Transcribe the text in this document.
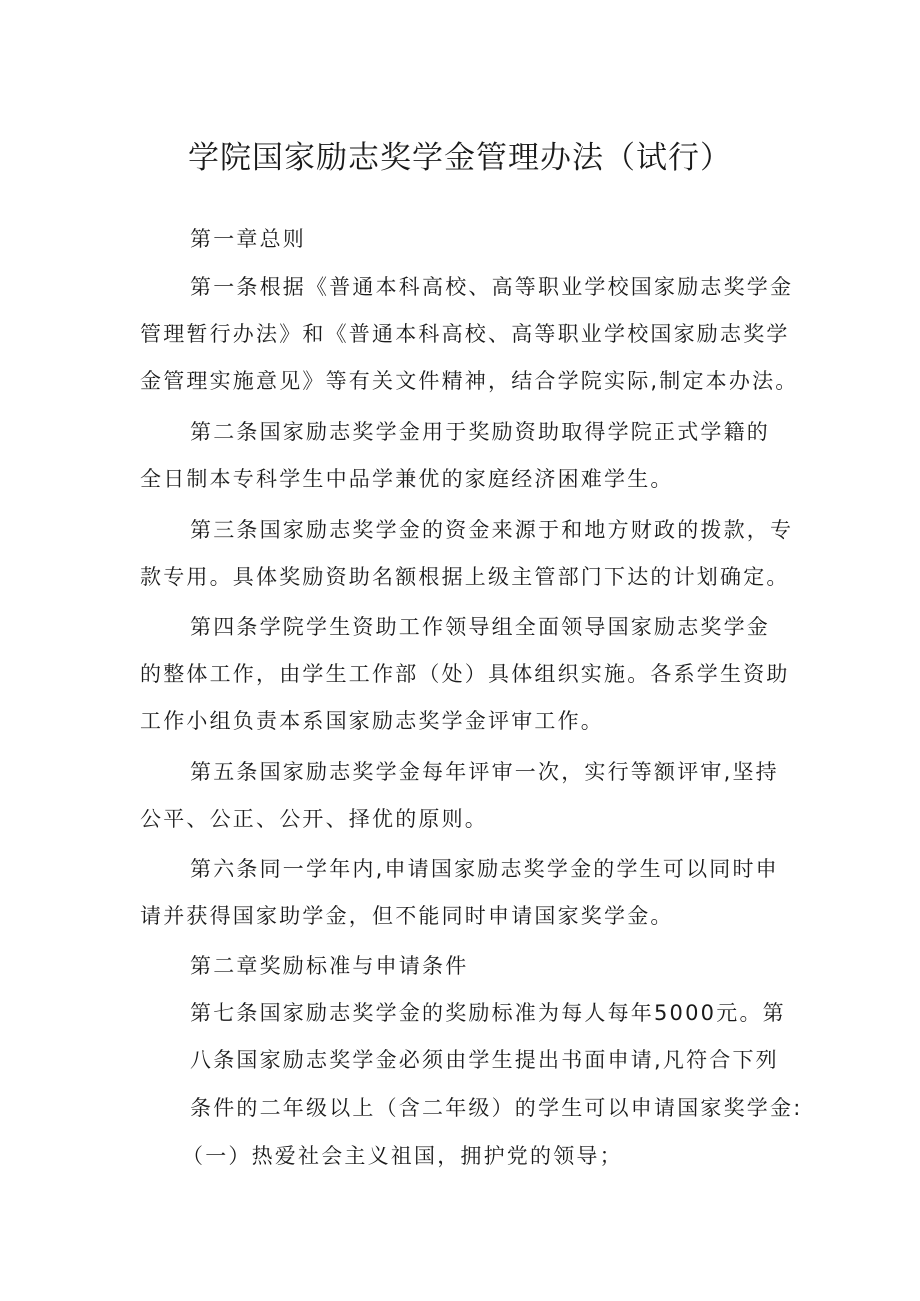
学院国家励志奖学金管理办法（试行）
第一章总则
第一条根据《普通本科高校、高等职业学校国家励志奖学金
管理暂行办法》和《普通本科高校、高等职业学校国家励志奖学
金管理实施意见》等有关文件精神，结合学院实际,制定本办法。
第二条国家励志奖学金用于奖励资助取得学院正式学籍的
全日制本专科学生中品学兼优的家庭经济困难学生。
第三条国家励志奖学金的资金来源于和地方财政的拨款，专
款专用。具体奖励资助名额根据上级主管部门下达的计划确定。
第四条学院学生资助工作领导组全面领导国家励志奖学金
的整体工作，由学生工作部（处）具体组织实施。各系学生资助
工作小组负责本系国家励志奖学金评审工作。
第五条国家励志奖学金每年评审一次，实行等额评审,坚持
公平、公正、公开、择优的原则。
第六条同一学年内,申请国家励志奖学金的学生可以同时申
请并获得国家助学金，但不能同时申请国家奖学金。
第二章奖励标准与申请条件
第七条国家励志奖学金的奖励标准为每人每年5000元。第
八条国家励志奖学金必须由学生提出书面申请,凡符合下列
条件的二年级以上（含二年级）的学生可以申请国家奖学金:
（一）热爱社会主义祖国，拥护党的领导；
